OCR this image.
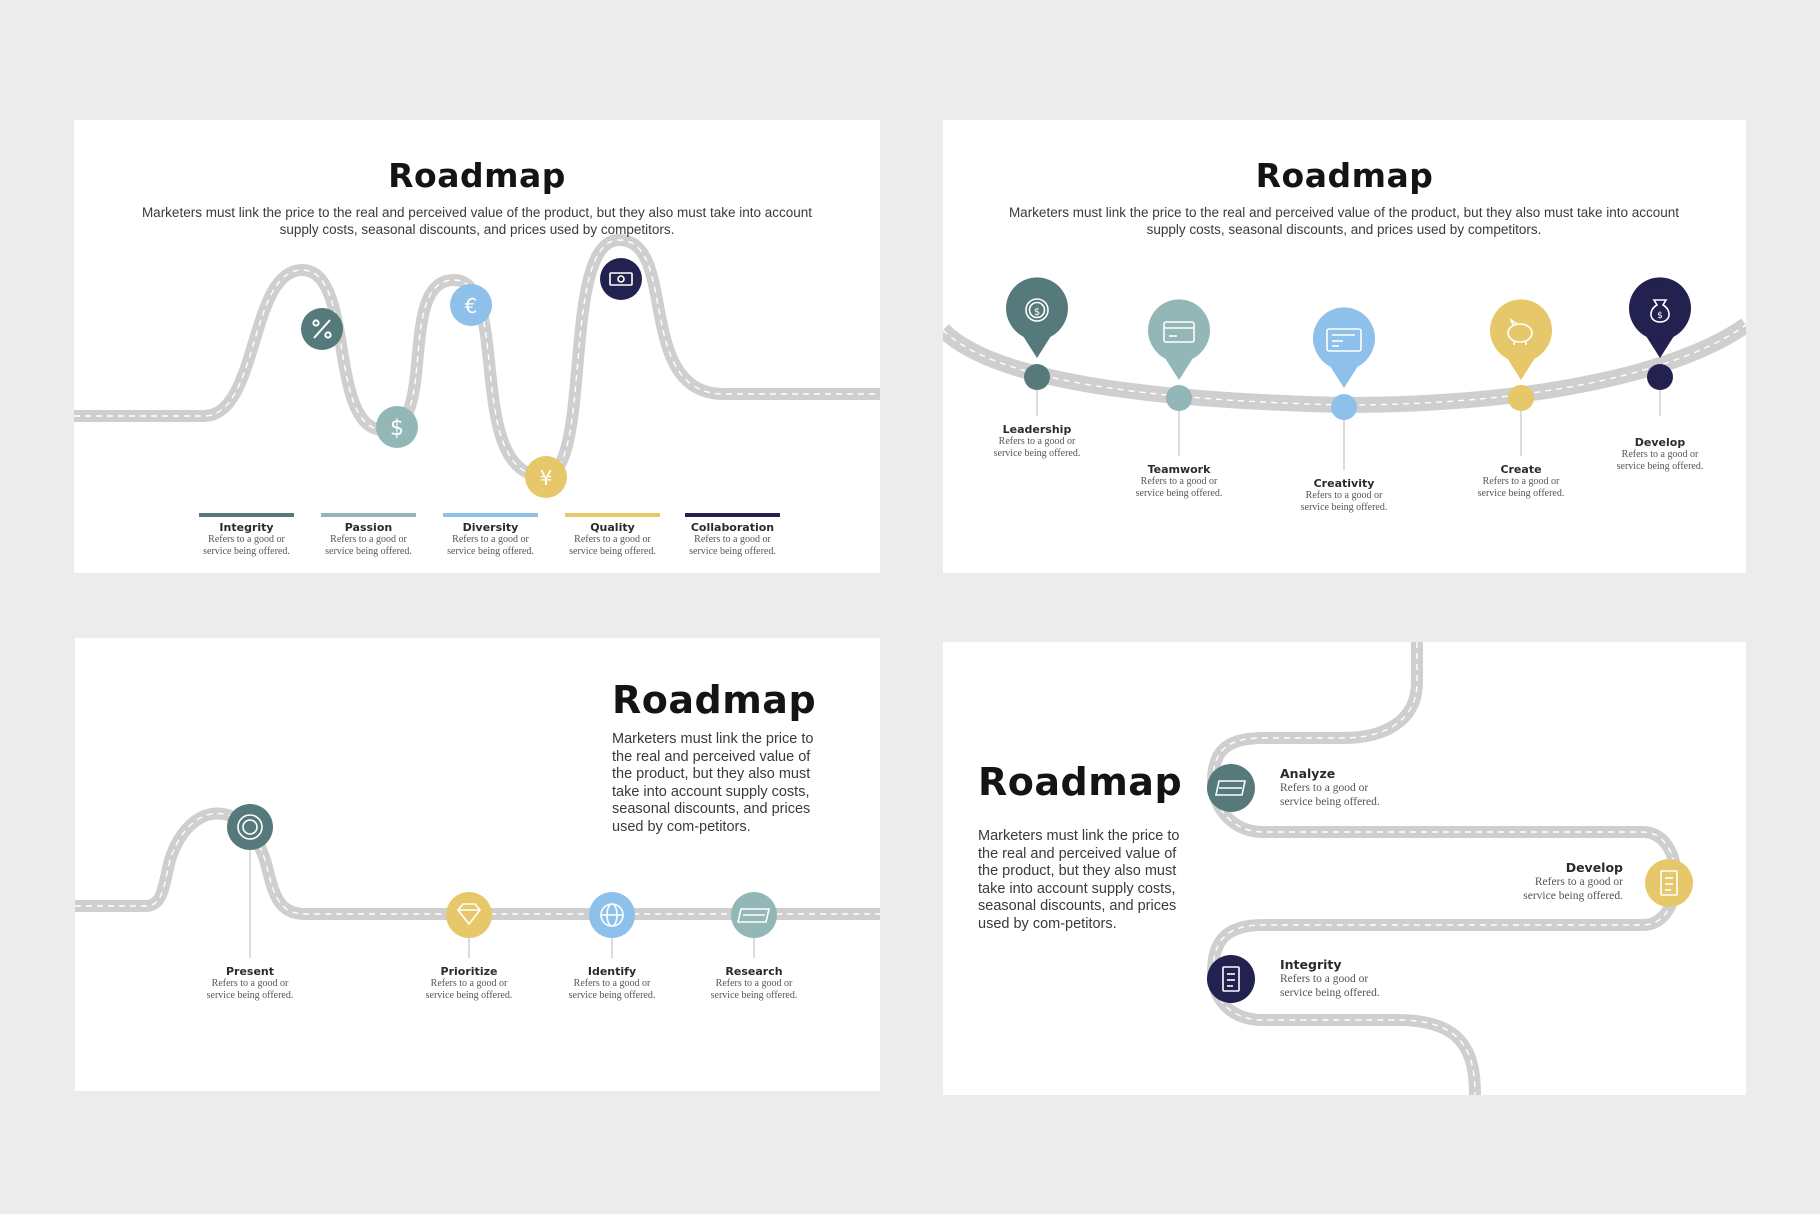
$
€
¥
Roadmap
Marketers must link the price to the real and perceived value of the product, but they also must take into account supply costs, seasonal discounts, and prices used by competitors.
Integrity
Refers to a good or service being offered.
Passion
Refers to a good or service being offered.
Diversity
Refers to a good or service being offered.
Quality
Refers to a good or service being offered.
Collaboration
Refers to a good or service being offered.
$	$
Roadmap
Marketers must link the price to the real and perceived value of the product, but they also must take into account supply costs, seasonal discounts, and prices used by competitors.
Leadership
Refers to a good or service being offered.
Teamwork
Refers to a good or service being offered.
Creativity
Refers to a good or service being offered.
Create
Refers to a good or service being offered.
Develop
Refers to a good or service being offered.
Roadmap
Marketers must link the price to the real and perceived value of the product, but they also must take into account supply costs, seasonal discounts, and prices used by com-petitors.
Present
Refers to a good or service being offered.
Prioritize
Refers to a good or service being offered.
Identify
Refers to a good or service being offered.
Research
Refers to a good or service being offered.
Roadmap
Marketers must link the price to the real and perceived value of the product, but they also must take into account supply costs, seasonal discounts, and prices used by com-petitors.
Analyze
Refers to a good or service being offered.
Develop
Refers to a good or service being offered.
Integrity
Refers to a good or service being offered.
